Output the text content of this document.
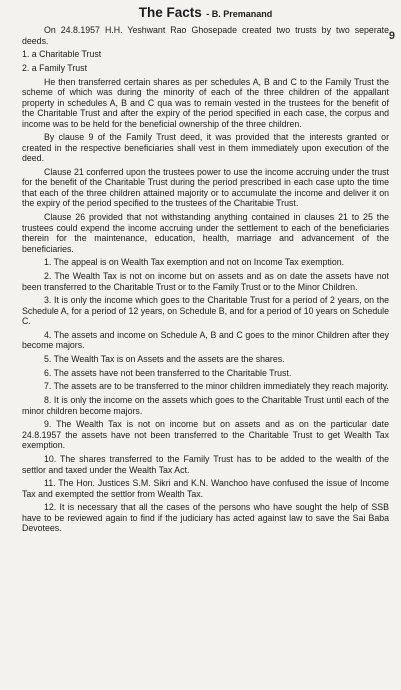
The Facts - B. Premanand
9

On 24.8.1957 H.H. Yeshwant Rao Ghosepade created two trusts by two seperate deeds.

1. a Charitable Trust
2. a Family Trust

He then transferred certain shares as per schedules A, B and C to the Family Trust the scheme of which was during the minority of each of the three children of the appallant property in schedules A, B and C qua was to remain vested in the trustees for the benefit of the Charitable Trust and after the expiry of the period specified in each case, the corpus and income was to be held for the beneficial ownership of the three children.

By clause 9 of the Family Trust deed, it was provided that the interests granted or created in the respective beneficiaries shall vest in them immediately upon execution of the deed.

Clause 21 conferred upon the trustees power to use the income accruing under the trust for the benefit of the Charitable Trust during the period prescribed in each case upto the time that each of the three children attained majority or to accumulate the income and deliver it on the expiry of the period specified to the trustees of the Charitabie Trust.

Clause 26 provided that not withstanding anything contained in clauses 21 to 25 the trustees could expend the income accruing under the settlement to each of the beneficiaries therein for the maintenance, education, health, marriage and advancement of the beneficiaries.

1. The appeal is on Wealth Tax exemption and not on Income Tax exemption.

2. The Wealth Tax is not on income but on assets and as on date the assets have not been transferred to the Charitable Trust or to the Family Trust or to the Minor Children.

3. It is only the income which goes to the Charitable Trust for a period of 2 years, on the Schedule A, for a period of 12 years, on Schedule B, and for a period of 10 years on Schedule C.

4. The assets and income on Schedule A, B and C goes to the minor Children after they become majors.

5. The Wealth Tax is on Assets and the assets are the shares.

6. The assets have not been transferred to the Charitable Trust.

7. The assets are to be transferred to the minor children immediately they reach majority.

8. It is only the income on the assets which goes to the Charitable Trust until each of the minor children become majors.

9. The Wealth Tax is not on income but on assets and as on the particular date 24.8.1957 the assets have not been transferred to the Charitable Trust to get Wealth Tax exemption.

10. The shares transferred to the Family Trust has to be added to the wealth of the settlor and taxed under the Wealth Tax Act.

11. The Hon. Justices S.M. Sikri and K.N. Wanchoo have confused the issue of Income Tax and exempted the settlor from Wealth Tax.

12. It is necessary that all the cases of the persons who have sought the help of SSB have to be reviewed again to find if the judiciary has acted against law to save the Sai Baba Devotees.
